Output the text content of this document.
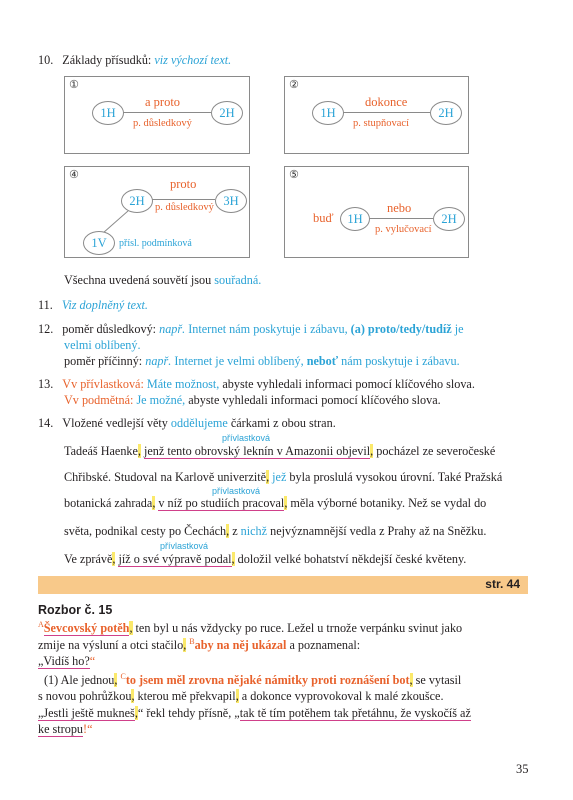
10. Základy přísudků: viz výchozí text.
①
1H	2H
a proto
p. důsledkový
②
1H	2H
dokonce
p. stupňovací
④
2H	3H
proto
p. důsledkový
1V	přísl. podmínková
⑤
buď	1H	2H
nebo
p. vylučovací
Všechna uvedená souvětí jsou souřadná.
11. Viz doplněný text.
12. poměr důsledkový: např. Internet nám poskytuje i zábavu, (a) proto/tedy/tudíž je
velmi oblíbený.
poměr příčinný: např. Internet je velmi oblíbený, neboť nám poskytuje i zábavu.
13. Vv přívlastková: Máte možnost, abyste vyhledali informaci pomocí klíčového slova.
Vv podmětná: Je možné, abyste vyhledali informaci pomocí klíčového slova.
14. Vložené vedlejší věty oddělujeme čárkami z obou stran.
přívlastková
Tadeáš Haenke, jenž tento obrovský leknín v Amazonii objevil, pocházel ze severočeské
Chřibské. Studoval na Karlově univerzitě, jež byla proslulá vysokou úrovní. Také Pražská
přívlastková
botanická zahrada, v níž po studiích pracoval, měla výborné botaniky. Než se vydal do
světa, podnikal cesty po Čechách, z nichž nejvýznamnější vedla z Prahy až na Sněžku.
přívlastková
Ve zprávě, jíž o své výpravě podal, doložil velké bohatství někdejší české květeny.
str. 44
Rozbor č. 15
$^A$Ševcovský potěh, ten byl u nás vždycky po ruce. Ležel u trnože verpánku svinut jako
zmije na výsluní a otci stačilo, $^B$aby na něj ukázal a poznamenal:
„Vidíš ho?“
(1) Ale jednou, $^C$to jsem měl zrovna nějaké námitky proti roznášení bot, se vytasil
s novou pohrůžkou, kterou mě překvapil, a dokonce vyprovokoval k malé zkoušce.
„Jestli ještě mukneš,“ řekl tehdy přísně, „tak tě tím potěhem tak přetáhnu, že vyskočíš až
ke stropu!“
35
